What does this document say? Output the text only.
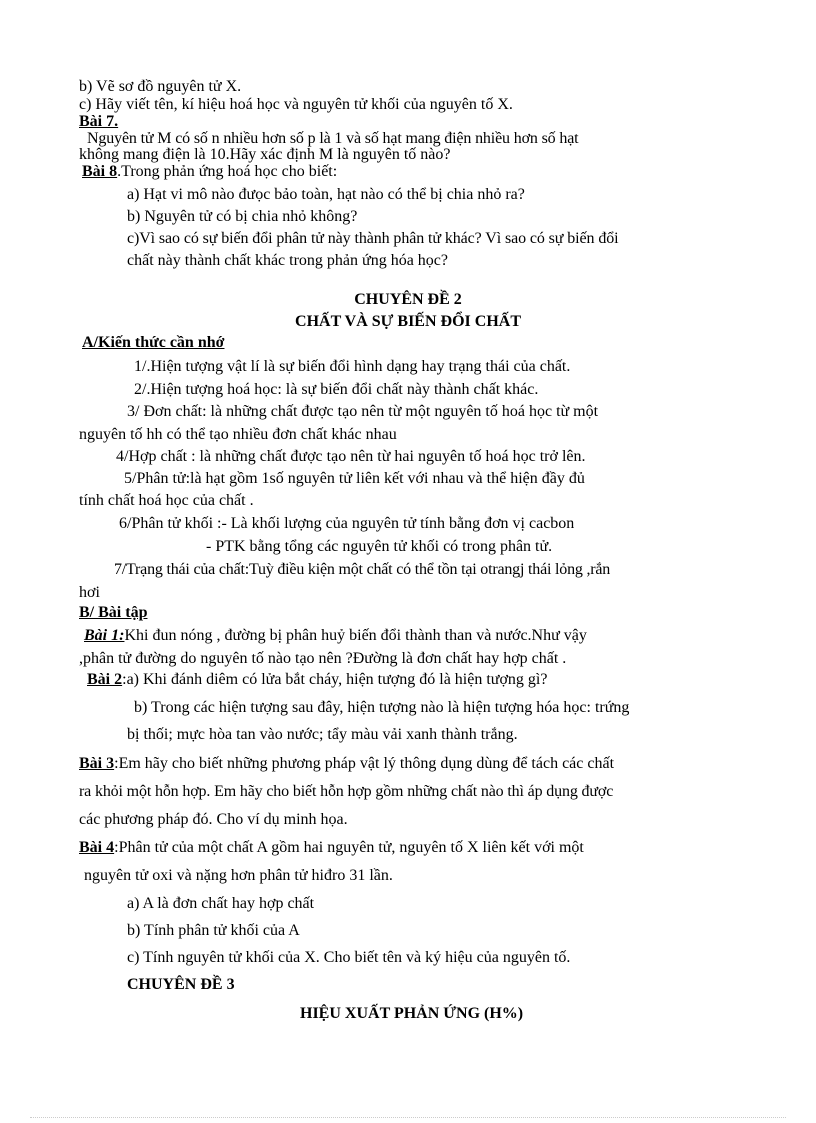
b) Vẽ sơ đồ nguyên tử X.
c) Hãy viết tên, kí hiệu hoá học và nguyên tử khối của nguyên tố X.
Bài 7.
Nguyên tử M có số n nhiều hơn số p là 1 và số hạt mang điện nhiều hơn số hạt
không mang điện là 10.Hãy xác định M là nguyên tố nào?
Bài 8.Trong phản ứng hoá học cho biết:
a) Hạt vi mô nào đưọc bảo toàn, hạt nào có thể bị chia nhỏ ra?
b) Nguyên tử có bị chia nhỏ không?
c)Vì sao có sự biến đổi phân tử này thành phân tử khác? Vì sao có sự biến đổi
chất này thành chất khác trong phản ứng hóa học?
CHUYÊN ĐỀ 2
CHẤT VÀ SỰ BIẾN ĐỔI CHẤT
A/Kiến thức cần nhớ
1/.Hiện tượng vật lí là sự biến đổi hình dạng hay trạng thái của chất.
2/.Hiện tượng hoá học: là sự biến đổi chất này thành chất khác.
3/ Đơn chất: là những chất được tạo nên từ một nguyên tố hoá học từ một
nguyên tố hh có thể tạo nhiều đơn chất khác nhau
4/Hợp chất : là những chất được tạo nên từ hai nguyên tố hoá học trở lên.
5/Phân tử:là hạt gồm 1số nguyên tử liên kết với nhau và thể hiện đầy đủ
tính chất hoá học của chất .
6/Phân tử khối :- Là khối lượng của nguyên tử tính bằng đơn vị cacbon
- PTK bằng tổng các nguyên tử khối có trong phân tử.
7/Trạng thái của chất:Tuỳ điều kiện một chất có thể tồn tại otrangj thái lỏng ,rắn
hơi
B/ Bài tập
Bài 1:Khi đun nóng , đường bị phân huỷ biến đổi thành than và nước.Như vậy
,phân tử đường do nguyên tố nào tạo nên ?Đường là đơn chất hay hợp chất .
Bài 2:a) Khi đánh diêm có lửa bắt cháy, hiện tượng đó là hiện tượng gì?
b) Trong các hiện tượng sau đây, hiện tượng nào là hiện tượng hóa học: trứng
bị thối; mực hòa tan vào nước; tẩy màu vải xanh thành trắng.
Bài 3:Em hãy cho biết những phương pháp vật lý thông dụng dùng để tách các chất
ra khỏi một hỗn hợp. Em hãy cho biết hỗn hợp gồm những chất nào thì áp dụng được
các phương pháp đó. Cho ví dụ minh họa.
Bài 4:Phân tử của một chất A gồm hai nguyên tử, nguyên tố X liên kết với một
nguyên tử oxi và nặng hơn phân tử hiđro 31 lần.
a) A là đơn chất hay hợp chất
b) Tính phân tử khối của A
c) Tính nguyên tử khối của X. Cho biết tên và ký hiệu của nguyên tố.
CHUYÊN ĐỀ 3
HIỆU XUẤT PHẢN ỨNG (H%)
